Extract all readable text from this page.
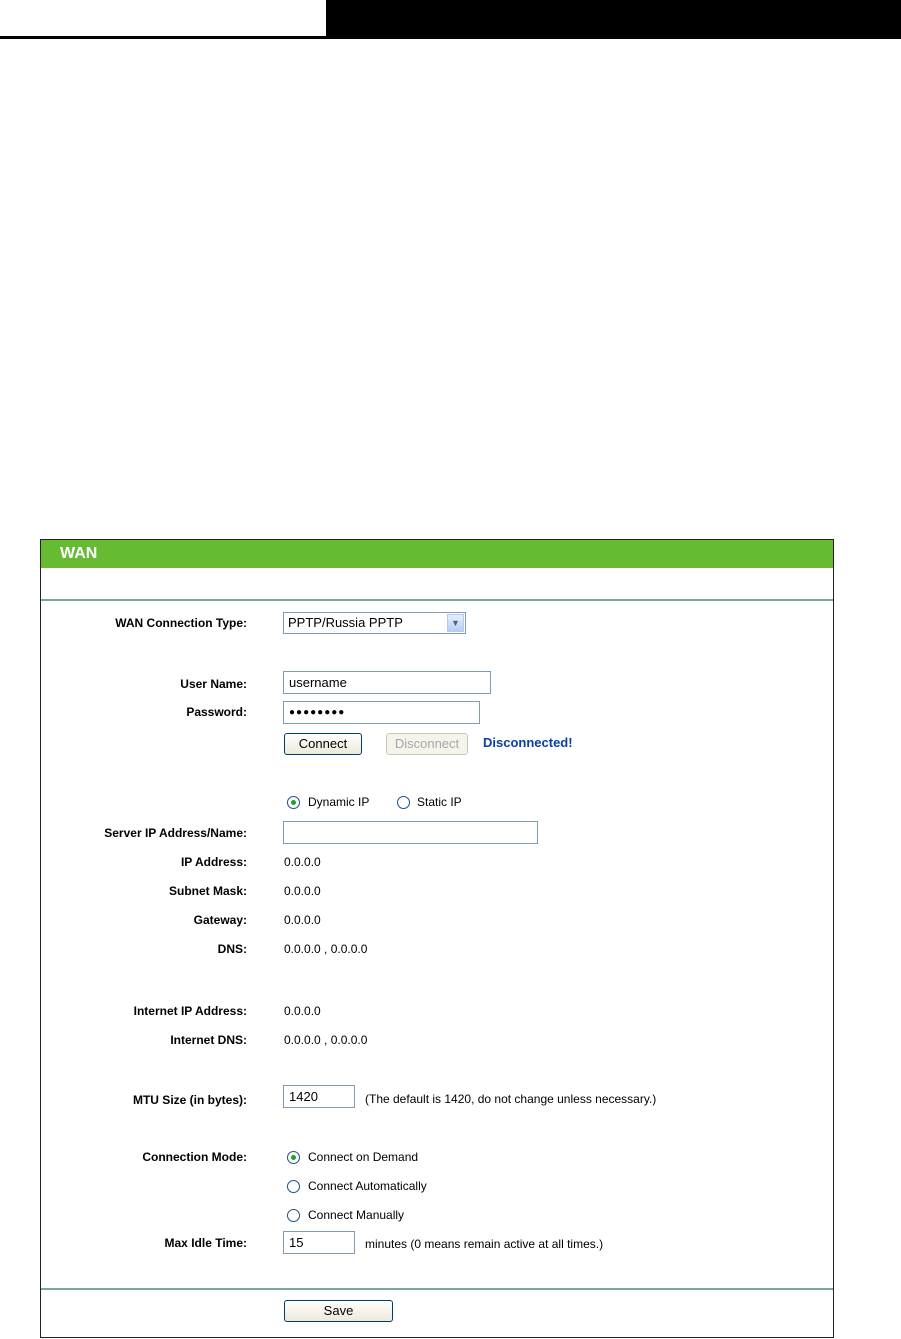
WAN
WAN Connection Type:	PPTP/Russia PPTP	▼
User Name:	username
Password:	●●●●●●●●
Connect	Disconnect	Disconnected!
Dynamic IP	Static IP
Server IP Address/Name:
IP Address:	0.0.0.0
Subnet Mask:	0.0.0.0
Gateway:	0.0.0.0
DNS:	0.0.0.0 , 0.0.0.0
Internet IP Address:	0.0.0.0
Internet DNS:	0.0.0.0 , 0.0.0.0
MTU Size (in bytes):	1420	(The default is 1420, do not change unless necessary.)
Connection Mode:	Connect on Demand
Connect Automatically
Connect Manually
Max Idle Time:	15	minutes (0 means remain active at all times.)
Save
